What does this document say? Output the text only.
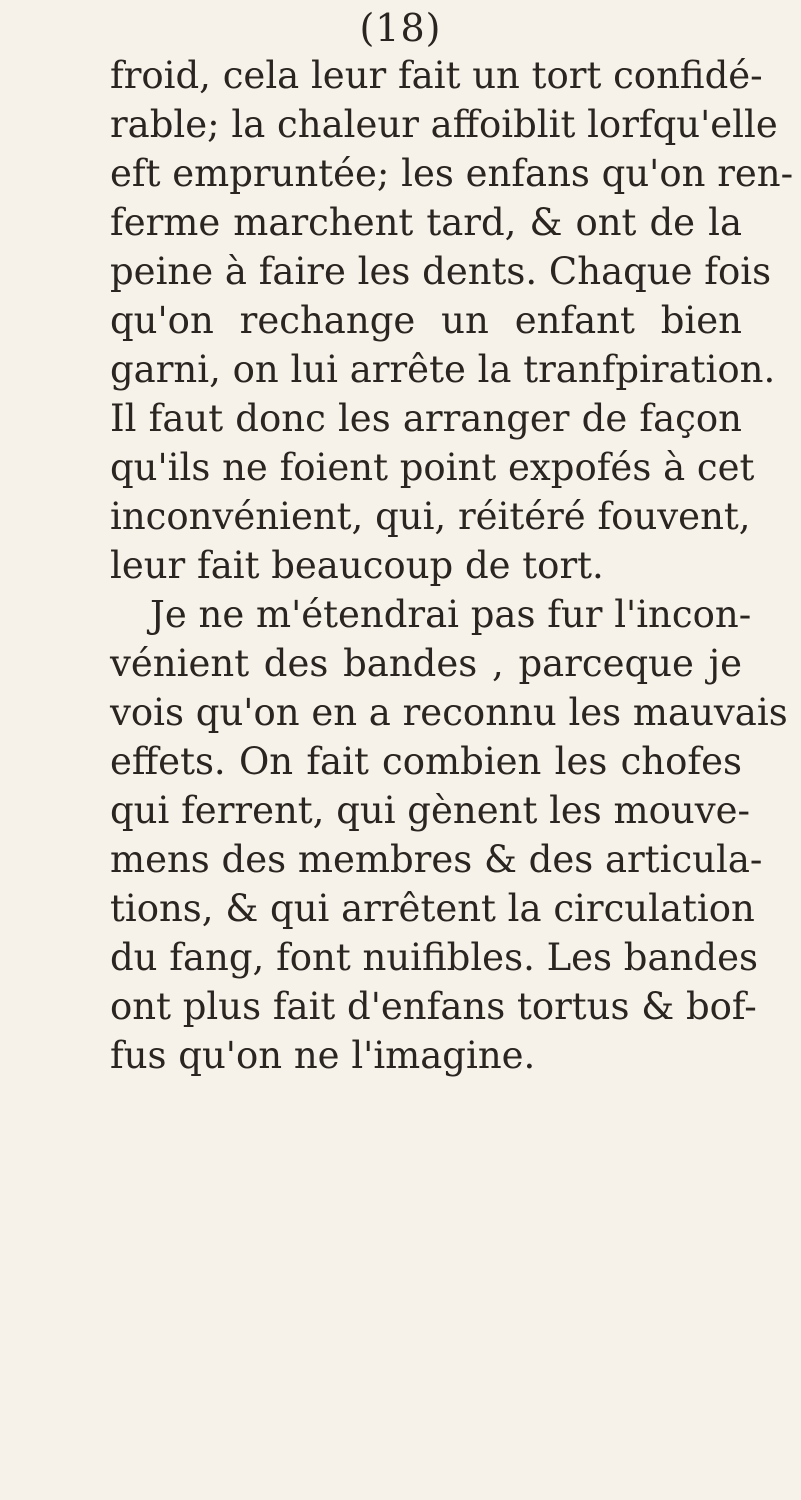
(18)
froid, cela leur fait un tort confidé-
rable; la chaleur affoiblit lorfqu'elle
eft empruntée; les enfans qu'on ren-
ferme marchent tard, & ont de la
peine à faire les dents. Chaque fois
qu'on rechange un enfant bien
garni, on lui arrête la tranfpiration.
Il faut donc les arranger de façon
qu'ils ne foient point expofés à cet
inconvénient, qui, réitéré fouvent,
leur fait beaucoup de tort.
Je ne m'étendrai pas fur l'incon-
vénient des bandes , parceque je
vois qu'on en a reconnu les mauvais
effets. On fait combien les chofes
qui ferrent, qui gènent les mouve-
mens des membres & des articula-
tions, & qui arrêtent la circulation
du fang, font nuifibles. Les bandes
ont plus fait d'enfans tortus & bof-
fus qu'on ne l'imagine.
